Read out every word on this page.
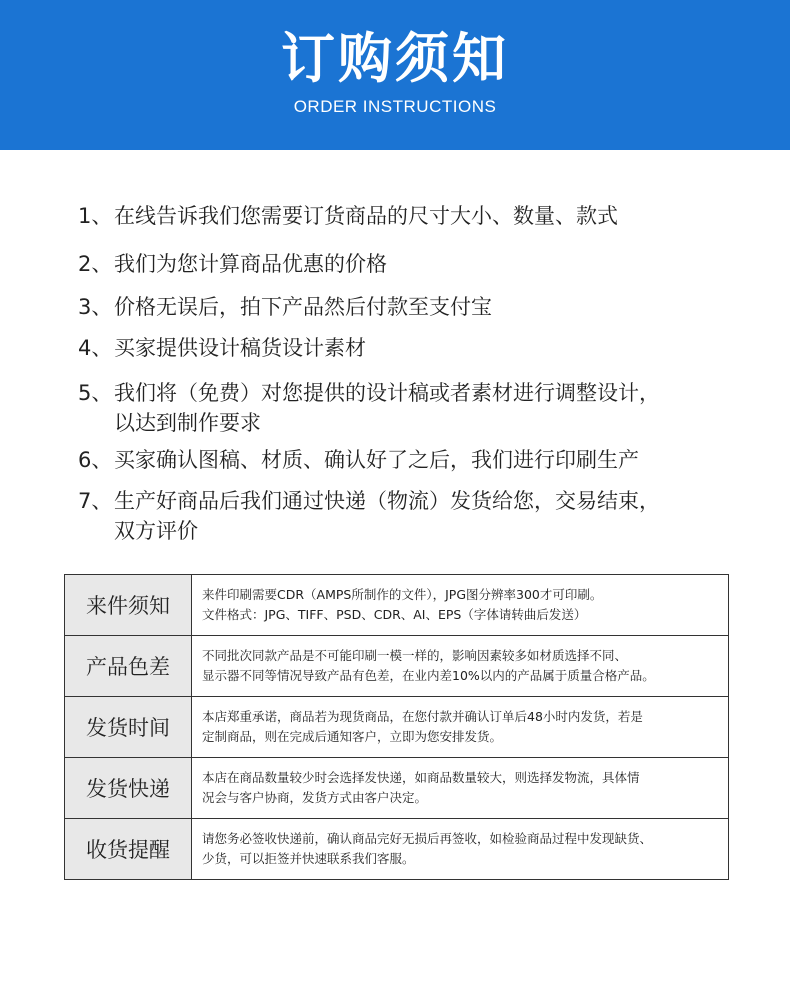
订购须知
ORDER INSTRUCTIONS
1、在线告诉我们您需要订货商品的尺寸大小、数量、款式
2、我们为您计算商品优惠的价格
3、价格无误后，拍下产品然后付款至支付宝
4、买家提供设计稿货设计素材
5、我们将（免费）对您提供的设计稿或者素材进行调整设计，
以达到制作要求
6、买家确认图稿、材质、确认好了之后，我们进行印刷生产
7、生产好商品后我们通过快递（物流）发货给您，交易结束，
双方评价
来件须知	来件印刷需要CDR（AMPS所制作的文件），JPG图分辨率300才可印刷。
文件格式：JPG、TIFF、PSD、CDR、AI、EPS（字体请转曲后发送）

产品色差	不同批次同款产品是不可能印刷一模一样的，影响因素较多如材质选择不同、
显示器不同等情况导致产品有色差，在业内差10%以内的产品属于质量合格产品。

发货时间	本店郑重承诺，商品若为现货商品，在您付款并确认订单后48小时内发货，若是
定制商品，则在完成后通知客户，立即为您安排发货。

发货快递	本店在商品数量较少时会选择发快递，如商品数量较大，则选择发物流，具体情
况会与客户协商，发货方式由客户决定。

收货提醒	请您务必签收快递前，确认商品完好无损后再签收，如检验商品过程中发现缺货、
少货，可以拒签并快速联系我们客服。
